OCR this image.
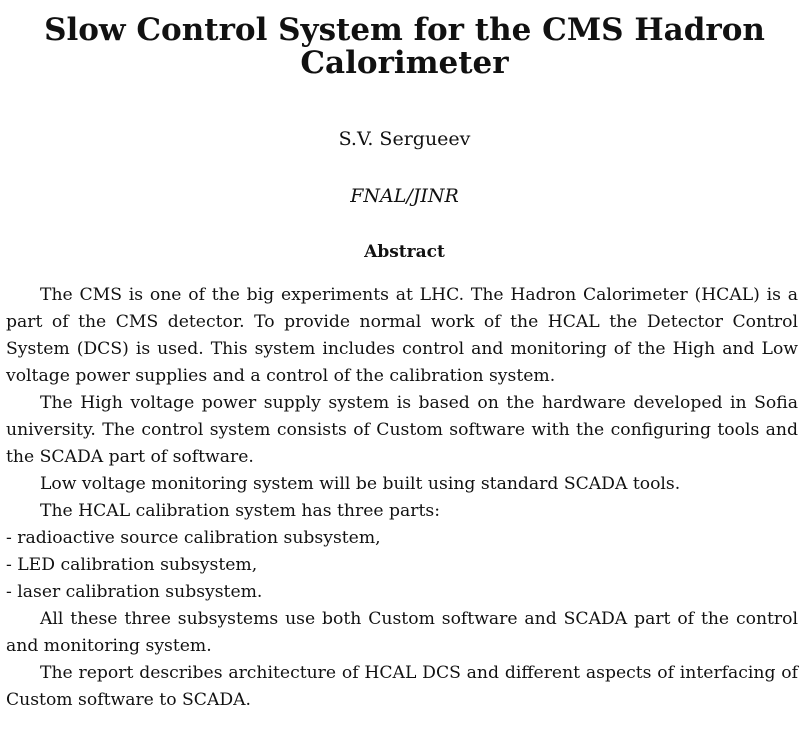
Slow Control System for the CMS Hadron Calorimeter
S.V. Sergueev
FNAL/JINR
Abstract

The CMS is one of the big experiments at LHC. The Hadron Calorimeter (HCAL) is a part of the CMS detector. To provide normal work of the HCAL the Detector Control System (DCS) is used. This system includes control and monitoring of the High and Low voltage power supplies and a control of the calibration system.

The High voltage power supply system is based on the hardware developed in Sofia university. The control system consists of Custom software with the configuring tools and the SCADA part of software.

Low voltage monitoring system will be built using standard SCADA tools.

The HCAL calibration system has three parts:

- radioactive source calibration subsystem,

- LED calibration subsystem,

- laser calibration subsystem.

All these three subsystems use both Custom software and SCADA part of the control and monitoring system.

The report describes architecture of HCAL DCS and different aspects of interfacing of Custom software to SCADA.
